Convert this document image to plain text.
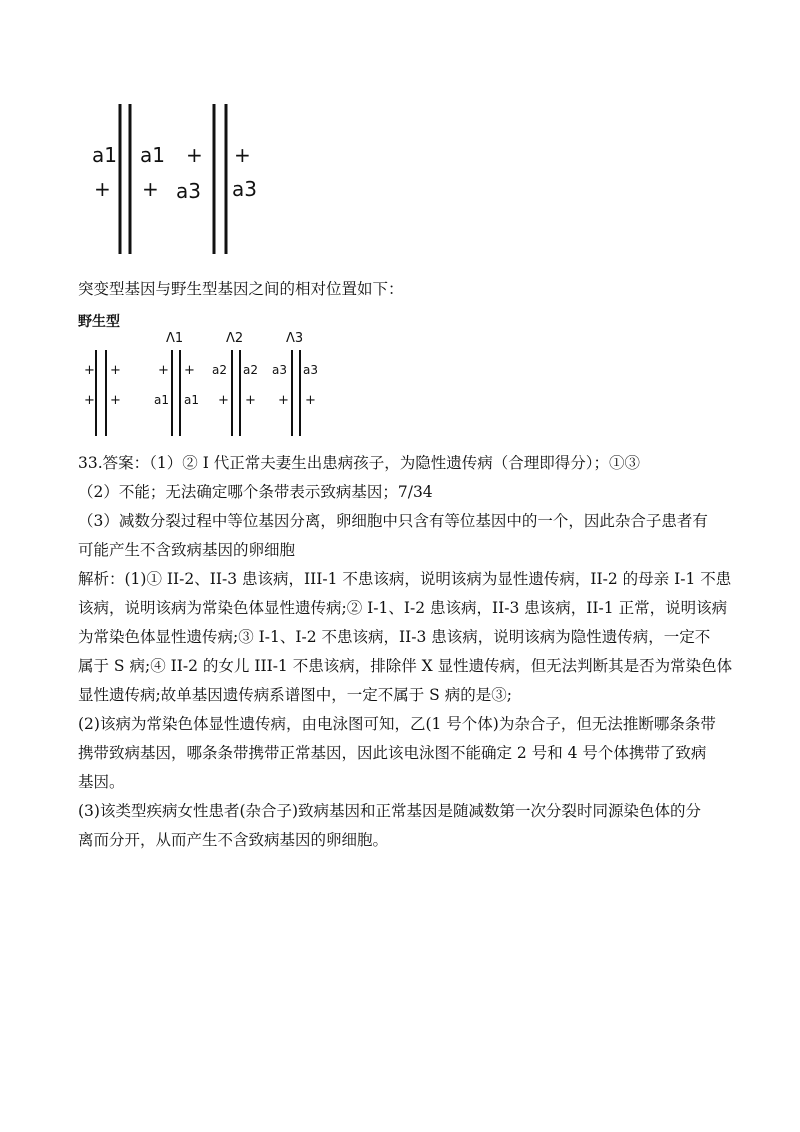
a1
+
a1
+
+
a3
+
a3
突变型基因与野生型基因之间的相对位置如下：
野生型
+
+
+
+
Λ1
+
a1
+
a1
Λ2
a2
+
a2
+
Λ3
a3
+
a3
+
33.答案：（1）② Ⅰ 代正常夫妻生出患病孩子，为隐性遗传病（合理即得分）；①③
（2）不能；无法确定哪个条带表示致病基因；7/34
（3）减数分裂过程中等位基因分离，卵细胞中只含有等位基因中的一个，因此杂合子患者有
可能产生不含致病基因的卵细胞
解析：(1)① II-2、II-3 患该病，III-1 不患该病，说明该病为显性遗传病，II-2 的母亲 I-1 不患
该病，说明该病为常染色体显性遗传病;② I-1、I-2 患该病，II-3 患该病，II-1 正常，说明该病
为常染色体显性遗传病;③ I-1、I-2 不患该病，II-3 患该病，说明该病为隐性遗传病，一定不
属于 S 病;④ II-2 的女儿 III-1 不患该病，排除伴 X 显性遗传病，但无法判断其是否为常染色体
显性遗传病;故单基因遗传病系谱图中，一定不属于 S 病的是③;
(2)该病为常染色体显性遗传病，由电泳图可知，乙(1 号个体)为杂合子，但无法推断哪条条带
携带致病基因，哪条条带携带正常基因，因此该电泳图不能确定 2 号和 4 号个体携带了致病
基因。
(3)该类型疾病女性患者(杂合子)致病基因和正常基因是随减数第一次分裂时同源染色体的分
离而分开，从而产生不含致病基因的卵细胞。
